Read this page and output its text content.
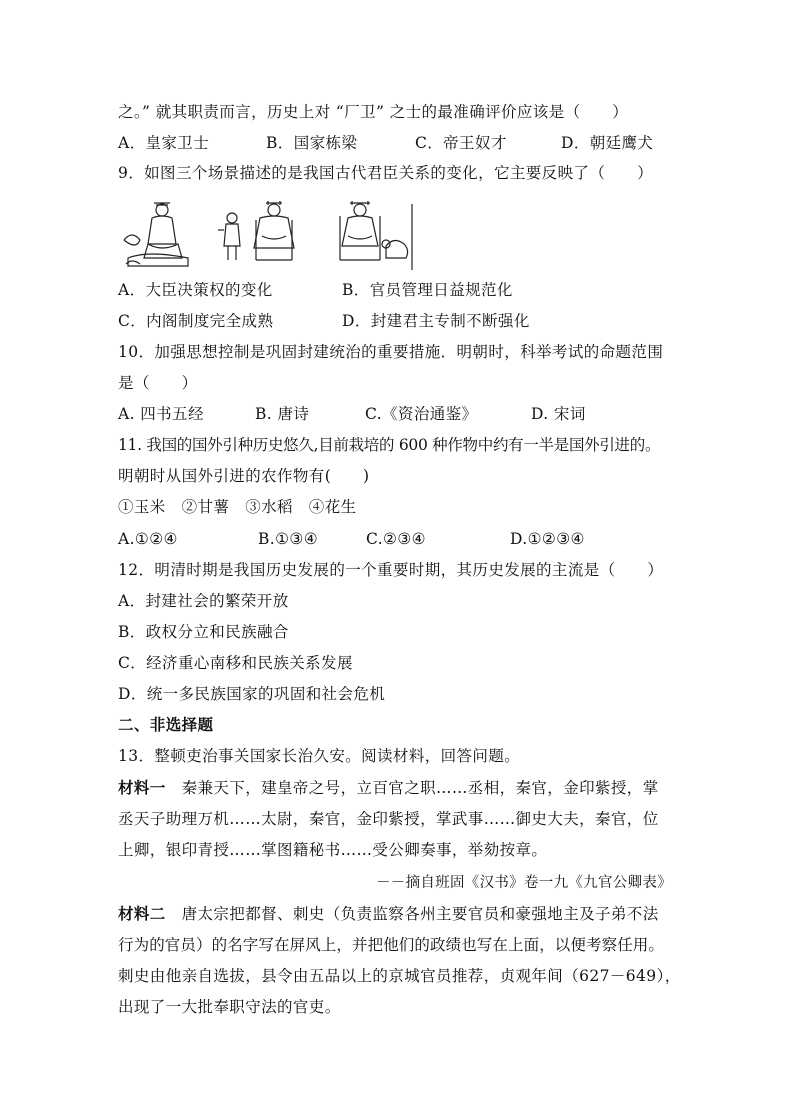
之。” 就其职责而言，历史上对 “厂卫” 之士的最准确评价应该是（　　）
A．皇家卫士	B．国家栋梁	C．帝王奴才	D．朝廷鹰犬
9．如图三个场景描述的是我国古代君臣关系的变化，它主要反映了（　　）
A．大臣决策权的变化	B．官员管理日益规范化
C．内阁制度完全成熟	D．封建君主专制不断强化
10．加强思想控制是巩固封建统治的重要措施．明朝时，科举考试的命题范围
是（　　）
A. 四书五经	B. 唐诗	C.《资治通鉴》	D. 宋词
11. 我国的国外引种历史悠久,目前栽培的 600 种作物中约有一半是国外引进的。
明朝时从国外引进的农作物有(　　)
①玉米　②甘薯　③水稻　④花生
A.①②④	B.①③④	C.②③④	D.①②③④
12．明清时期是我国历史发展的一个重要时期，其历史发展的主流是（　　）
A．封建社会的繁荣开放
B．政权分立和民族融合
C．经济重心南移和民族关系发展
D．统一多民族国家的巩固和社会危机
二、非选择题
13．整顿吏治事关国家长治久安。阅读材料，回答问题。
材料一　秦兼天下，建皇帝之号，立百官之职……丞相，秦官，金印紫授，掌
丞天子助理万机……太尉，秦官，金印紫授，掌武事……御史大夫，秦官，位
上卿，银印青授……掌图籍秘书……受公卿奏事，举劾按章。
－－摘自班固《汉书》卷一九《九官公卿表》
材料二　唐太宗把都督、刺史（负责监察各州主要官员和豪强地主及子弟不法
行为的官员）的名字写在屏风上，并把他们的政绩也写在上面，以便考察任用。
刺史由他亲自选拔，县令由五品以上的京城官员推荐，贞观年间（627－649），
出现了一大批奉职守法的官吏。
